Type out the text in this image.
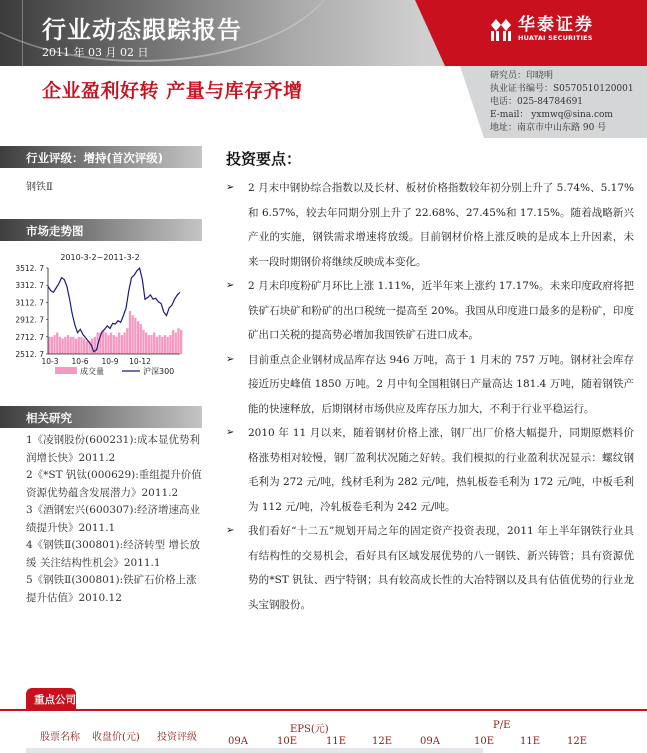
行业动态跟踪报告
2011 年 03 月 02 日
华泰证券
HUATAI SECURITIES
研究员：印晓明
执业证书编号：S0570510120001
电话：025-84784691
E-mail： yxmwq@sina.com
地址：南京市中山东路 90 号
企业盈利好转 产量与库存齐增
行业评级：增持(首次评级)
钢铁Ⅱ
市场走势图
2010-3-2~2011-3-2
2512. 7
2712. 7
2912. 7
3112. 7
3312. 7
3512. 7
10-3 10-6 10-9 10-12
成交量	沪深300
相关研究
1《凌钢股份(600231):成本显优势利润增长快》2011.2
2《*ST 钒钛(000629):重组提升价值 资源优势蕴含发展潜力》2011.2
3《酒钢宏兴(600307):经济增速高业绩提升快》2011.1
4《钢铁Ⅱ(300801):经济转型 增长放缓 关注结构性机会》2011.1
5《钢铁Ⅱ(300801):铁矿石价格上涨提升估值》2010.12
投资要点：
➢ 2 月末中钢协综合指数以及长材、板材价格指数较年初分别上升了 5.74%、5.17%和 6.57%，较去年同期分别上升了 22.68%、27.45%和 17.15%。随着战略新兴产业的实施，钢铁需求增速将放缓。目前钢材价格上涨反映的是成本上升因素，未来一段时期钢价将继续反映成本变化。
➢ 2 月末印度粉矿月环比上涨 1.11%，近半年来上涨约 17.17%。未来印度政府将把铁矿石块矿和粉矿的出口税统一提高至 20%。我国从印度进口最多的是粉矿，印度矿出口关税的提高势必增加我国铁矿石进口成本。
➢ 目前重点企业钢材成品库存达 946 万吨，高于 1 月末的 757 万吨。钢材社会库存接近历史峰值 1850 万吨。2 月中旬全国粗钢日产量高达 181.4 万吨，随着钢铁产能的快速释放，后期钢材市场供应及库存压力加大，不利于行业平稳运行。
➢ 2010 年 11 月以来，随着钢材价格上涨，钢厂出厂价格大幅提升，同期原燃料价格涨势相对较慢，钢厂盈利状况随之好转。我们模拟的行业盈利状况显示：螺纹钢毛利为 272 元/吨，线材毛利为 282 元/吨，热轧板卷毛利为 172 元/吨，中板毛利为 112 元/吨，冷轧板卷毛利为 242 元/吨。
➢ 我们看好“十二五”规划开局之年的固定资产投资表现，2011 年上半年钢铁行业具有结构性的交易机会，看好具有区域发展优势的八一钢铁、新兴铸管；具有资源优势的*ST 钒钛、西宁特钢；具有较高成长性的大冶特钢以及具有估值优势的行业龙头宝钢股份。
重点公司
股票名称 收盘价(元) 投资评级
EPS(元)	P/E
09A	10E	11E	12E	09A	10E	11E	12E
